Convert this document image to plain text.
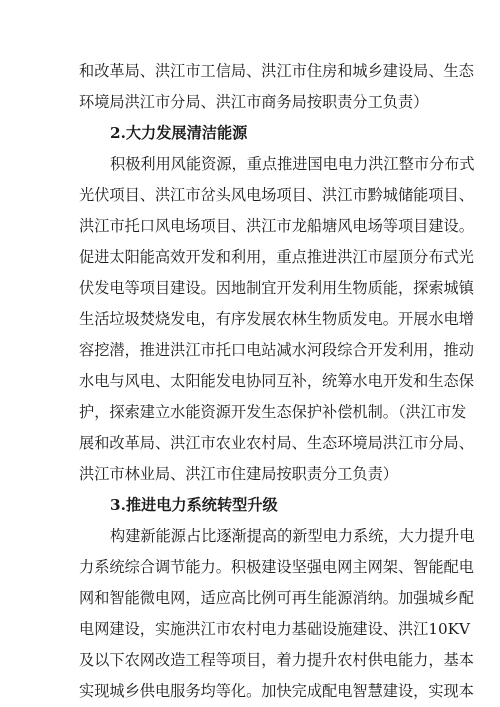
和改革局、洪江市工信局、洪江市住房和城乡建设局、生态
环境局洪江市分局、洪江市商务局按职责分工负责）
2.大力发展清洁能源
积极利用风能资源，重点推进国电电力洪江整市分布式
光伏项目、洪江市岔头风电场项目、洪江市黔城储能项目、
洪江市托口风电场项目、洪江市龙船塘风电场等项目建设。
促进太阳能高效开发和利用，重点推进洪江市屋顶分布式光
伏发电等项目建设。因地制宜开发利用生物质能，探索城镇
生活垃圾焚烧发电，有序发展农林生物质发电。开展水电增
容挖潜，推进洪江市托口电站减水河段综合开发利用，推动
水电与风电、太阳能发电协同互补，统筹水电开发和生态保
护，探索建立水能资源开发生态保护补偿机制。（洪江市发
展和改革局、洪江市农业农村局、生态环境局洪江市分局、
洪江市林业局、洪江市住建局按职责分工负责）
3.推进电力系统转型升级
构建新能源占比逐渐提高的新型电力系统，大力提升电
力系统综合调节能力。积极建设坚强电网主网架、智能配电
网和智能微电网，适应高比例可再生能源消纳。加强城乡配
电网建设，实施洪江市农村电力基础设施建设、洪江10KV
及以下农网改造工程等项目，着力提升农村供电能力，基本
实现城乡供电服务均等化。加快完成配电智慧建设，实现本
